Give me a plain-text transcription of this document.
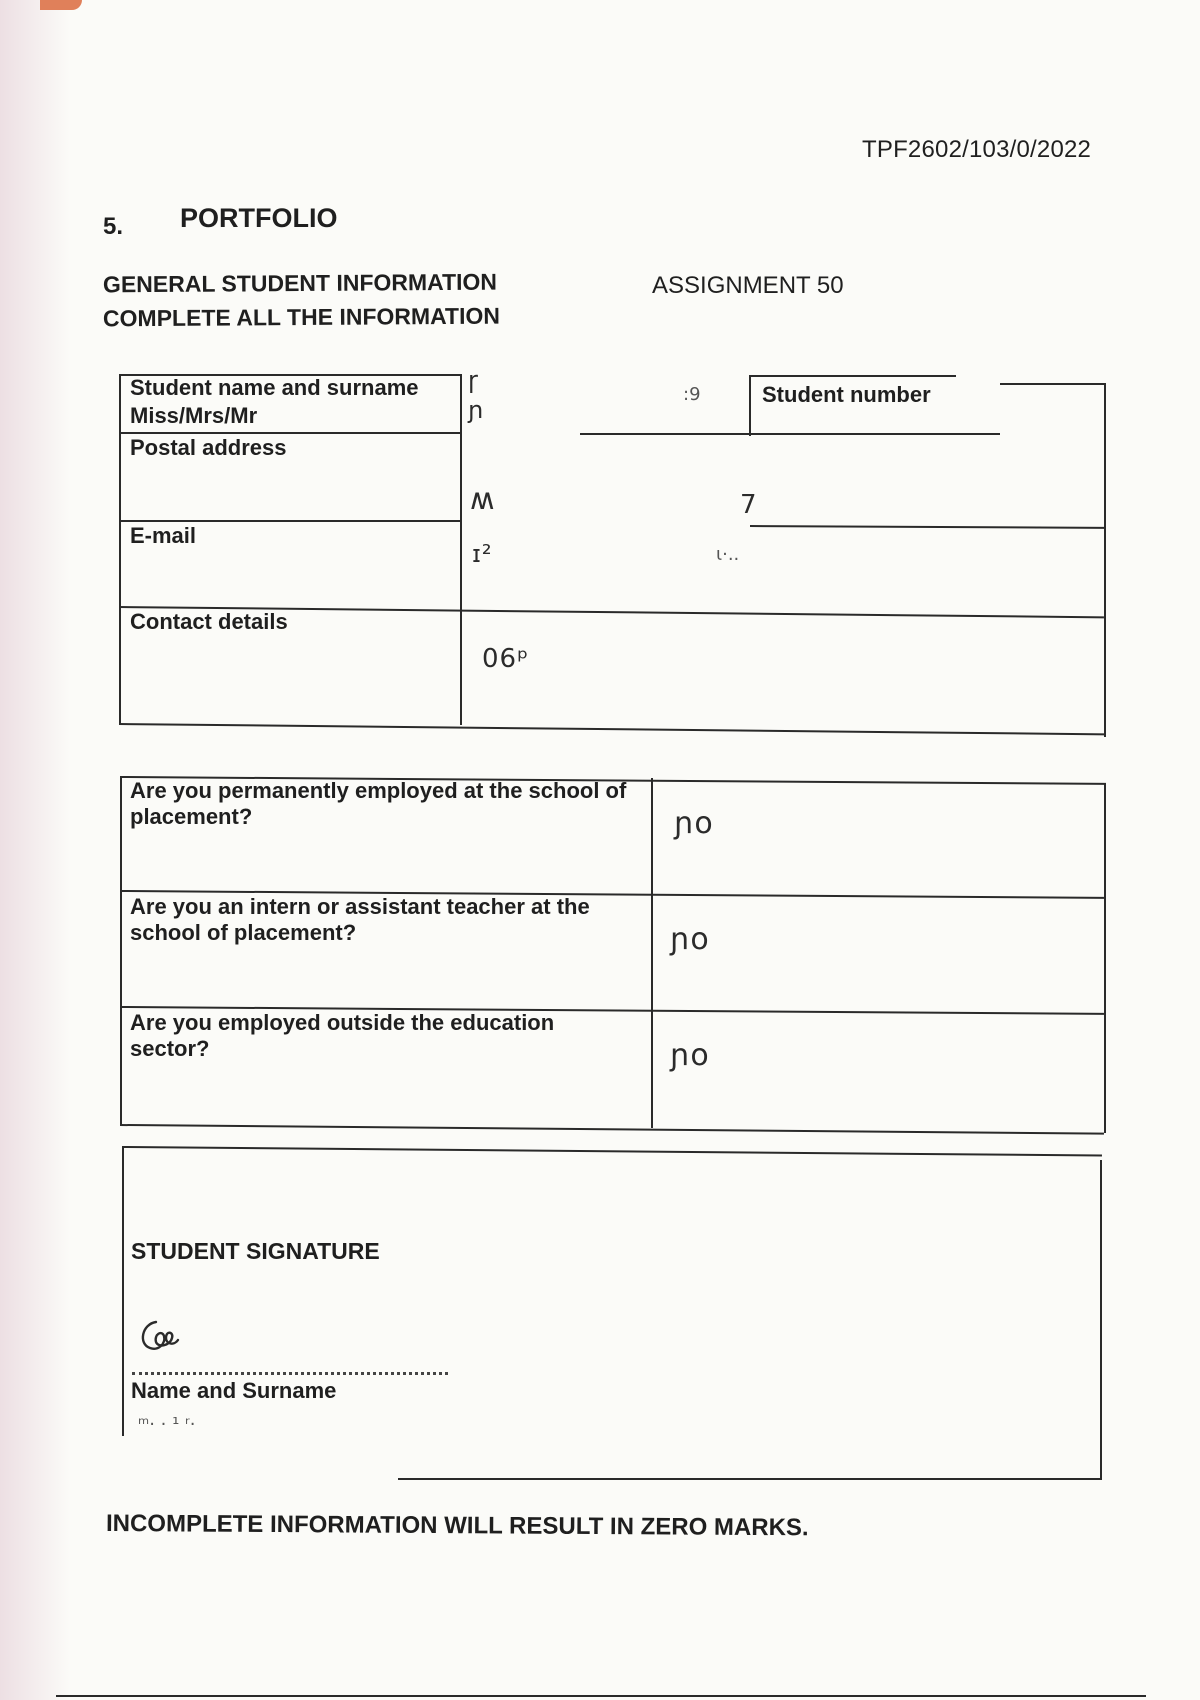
TPF2602/103/0/2022
5. PORTFOLIO
GENERAL STUDENT INFORMATION
COMPLETE ALL THE INFORMATION
ASSIGNMENT 50
Student name and surname
Miss/Mrs/Mr
Student number
Postal address
E-mail
Contact details
ɼ
ɲ
:9
ʍ	7
ɪ²	ι·..
06ᵖ
Are you permanently employed at the school of placement?
Are you an intern or assistant teacher at the school of placement?
Are you employed outside the education sector?
ɲo
ɲo
ɲo
STUDENT SIGNATURE
Name and Surname
ᵐ· · ¹ ʳ·
INCOMPLETE INFORMATION WILL RESULT IN ZERO MARKS.
